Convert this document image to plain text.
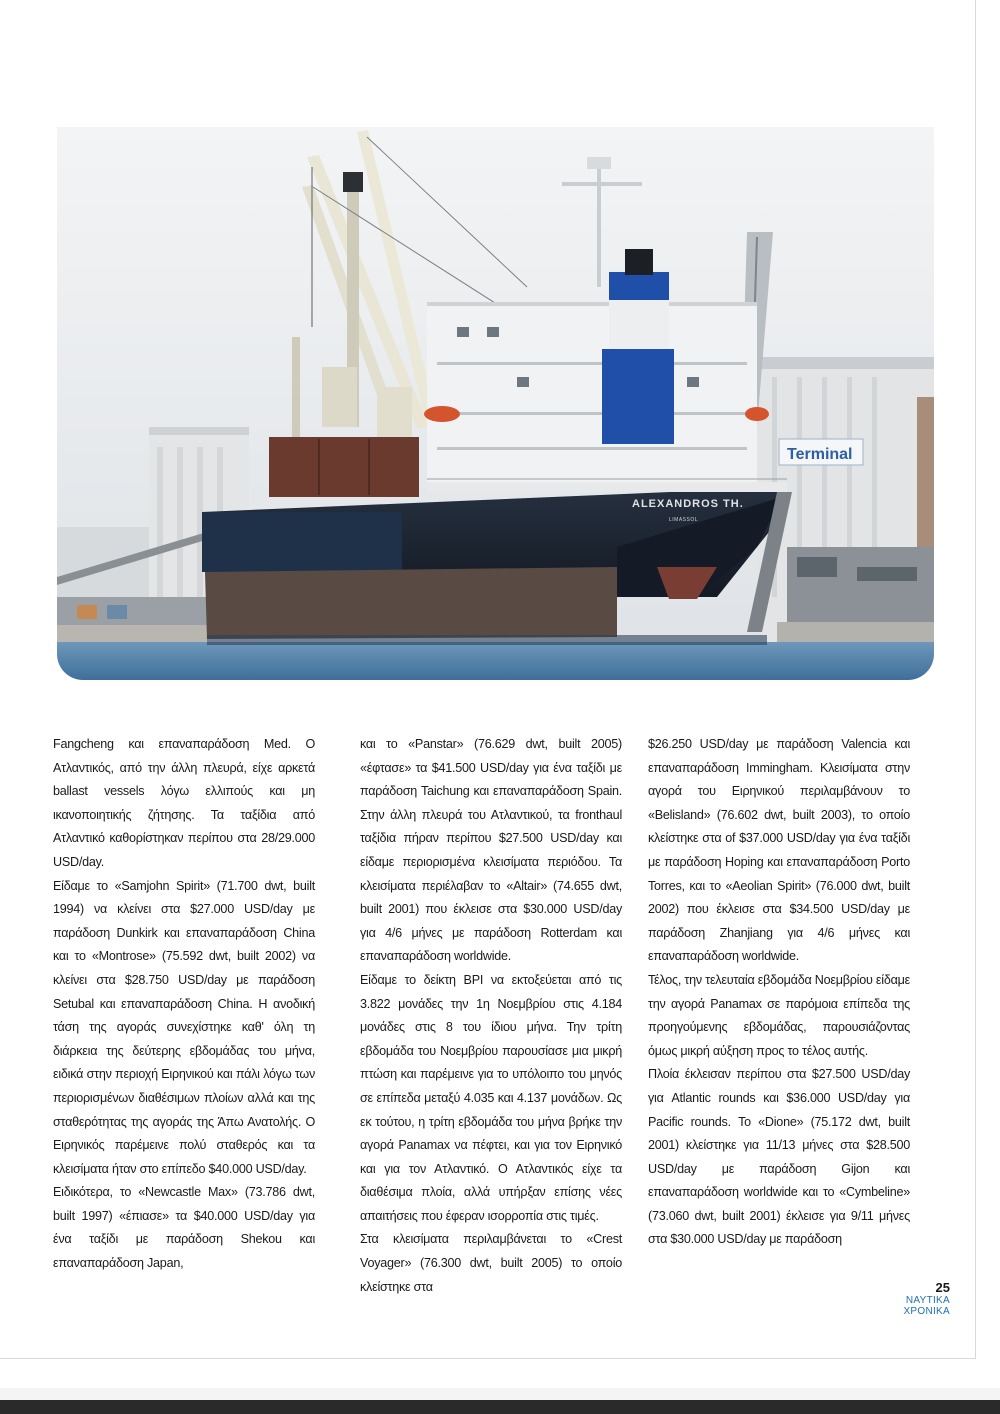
Terminal
ALEXANDROS TH.
LIMASSOL

Fangcheng και επαναπαράδοση Med. Ο Ατλαντικός, από την άλλη πλευρά, είχε αρκετά ballast vessels λόγω ελλιπούς και μη ικανοποιητικής ζήτησης. Τα ταξίδια από Ατλαντικό καθορίστηκαν περίπου στα 28/29.000 USD/day.

Είδαμε το «Samjohn Spirit» (71.700 dwt, built 1994) να κλείνει στα $27.000 USD/day με παράδοση Dunkirk και επαναπαράδοση China και το «Montrose» (75.592 dwt, built 2002) να κλείνει στα $28.750 USD/day με παράδοση Setubal και επαναπαράδοση China. Η ανοδική τάση της αγοράς συνεχίστηκε καθ' όλη τη διάρκεια της δεύτερης εβδομάδας του μήνα, ειδικά στην περιοχή Ειρηνικού και πάλι λόγω των περιορισμένων διαθέσιμων πλοίων αλλά και της σταθερότητας της αγοράς της Άπω Ανατολής. Ο Ειρηνικός παρέμεινε πολύ σταθερός και τα κλεισίματα ήταν στο επίπεδο $40.000 USD/day.

Ειδικότερα, το «Newcastle Max» (73.786 dwt, built 1997) «έπιασε» τα $40.000 USD/day για ένα ταξίδι με παράδοση Shekou και επαναπαράδοση Japan,

και το «Panstar» (76.629 dwt, built 2005) «έφτασε» τα $41.500 USD/day για ένα ταξίδι με παράδοση Taichung και επαναπαράδοση Spain. Στην άλλη πλευρά του Ατλαντικού, τα fronthaul ταξίδια πήραν περίπου $27.500 USD/day και είδαμε περιορισμένα κλεισίματα περιόδου. Τα κλεισίματα περιέλαβαν το «Altair» (74.655 dwt, built 2001) που έκλεισε στα $30.000 USD/day για 4/6 μήνες με παράδοση Rotterdam και επαναπαράδοση worldwide.

Είδαμε το δείκτη BPI να εκτοξεύεται από τις 3.822 μονάδες την 1η Νοεμβρίου στις 4.184 μονάδες στις 8 του ίδιου μήνα. Την τρίτη εβδομάδα του Νοεμβρίου παρουσίασε μια μικρή πτώση και παρέμεινε για το υπόλοιπο του μηνός σε επίπεδα μεταξύ 4.035 και 4.137 μονάδων. Ως εκ τούτου, η τρίτη εβδομάδα του μήνα βρήκε την αγορά Panamax να πέφτει, και για τον Ειρηνικό και για τον Ατλαντικό. Ο Ατλαντικός είχε τα διαθέσιμα πλοία, αλλά υπήρξαν επίσης νέες απαιτήσεις που έφεραν ισορροπία στις τιμές.

Στα κλεισίματα περιλαμβάνεται το «Crest Voyager» (76.300 dwt, built 2005) το οποίο κλείστηκε στα

$26.250 USD/day με παράδοση Valencia και επαναπαράδοση Immingham. Κλεισίματα στην αγορά του Ειρηνικού περιλαμβάνουν το «Belisland» (76.602 dwt, built 2003), το οποίο κλείστηκε στα of $37.000 USD/day για ένα ταξίδι με παράδοση Hoping και επαναπαράδοση Porto Torres, και το «Aeolian Spirit» (76.000 dwt, built 2002) που έκλεισε στα $34.500 USD/day με παράδοση Zhanjiang για 4/6 μήνες και επαναπαράδοση worldwide.

Τέλος, την τελευταία εβδομάδα Νοεμβρίου είδαμε την αγορά Panamax σε παρόμοια επίπεδα της προηγούμενης εβδομάδας, παρουσιάζοντας όμως μικρή αύξηση προς το τέλος αυτής.

Πλοία έκλεισαν περίπου στα $27.500 USD/day για Atlantic rounds και $36.000 USD/day για Pacific rounds. Το «Dione» (75.172 dwt, built 2001) κλείστηκε για 11/13 μήνες στα $28.500 USD/day με παράδοση Gijon και επαναπαράδοση worldwide και το «Cymbeline» (73.060 dwt, built 2001) έκλεισε για 9/11 μήνες στα $30.000 USD/day με παράδοση

25
ΝΑΥΤΙΚΑ
ΧΡΟΝΙΚΑ
